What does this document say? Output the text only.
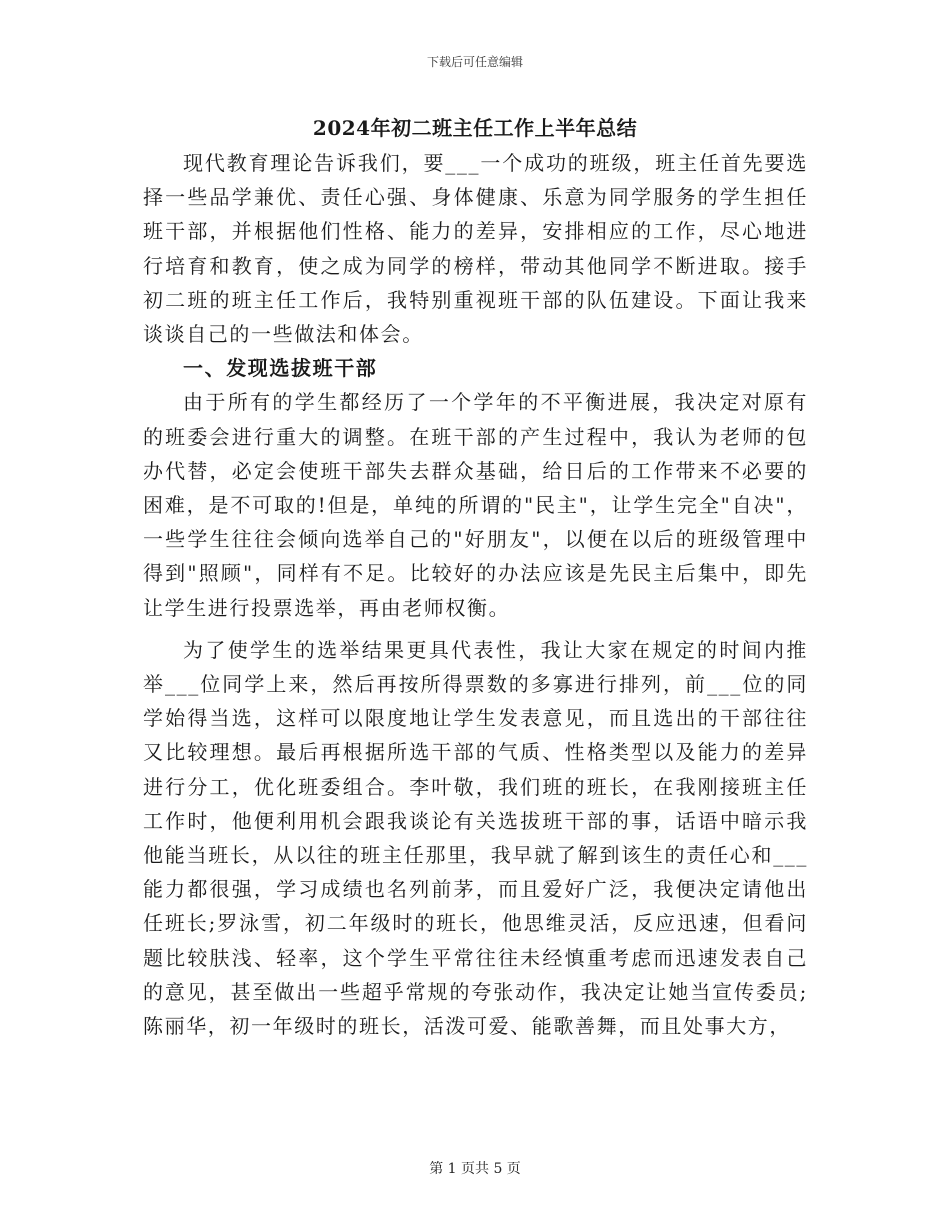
下载后可任意编辑
2024年初二班主任工作上半年总结

现代教育理论告诉我们，要___一个成功的班级，班主任首先要选择一些品学兼优、责任心强、身体健康、乐意为同学服务的学生担任班干部，并根据他们性格、能力的差异，安排相应的工作，尽心地进行培育和教育，使之成为同学的榜样，带动其他同学不断进取。接手初二班的班主任工作后，我特别重视班干部的队伍建设。下面让我来谈谈自己的一些做法和体会。

一、发现选拔班干部

由于所有的学生都经历了一个学年的不平衡进展，我决定对原有的班委会进行重大的调整。在班干部的产生过程中，我认为老师的包办代替，必定会使班干部失去群众基础，给日后的工作带来不必要的困难，是不可取的!但是，单纯的所谓的"民主"，让学生完全"自决"，一些学生往往会倾向选举自己的"好朋友"，以便在以后的班级管理中得到"照顾"，同样有不足。比较好的办法应该是先民主后集中，即先让学生进行投票选举，再由老师权衡。

为了使学生的选举结果更具代表性，我让大家在规定的时间内推举___位同学上来，然后再按所得票数的多寡进行排列，前___位的同学始得当选，这样可以限度地让学生发表意见，而且选出的干部往往又比较理想。最后再根据所选干部的气质、性格类型以及能力的差异进行分工，优化班委组合。李叶敬，我们班的班长，在我刚接班主任工作时，他便利用机会跟我谈论有关选拔班干部的事，话语中暗示我他能当班长，从以往的班主任那里，我早就了解到该生的责任心和___能力都很强，学习成绩也名列前茅，而且爱好广泛，我便决定请他出任班长;罗泳雪，初二年级时的班长，他思维灵活，反应迅速，但看问题比较肤浅、轻率，这个学生平常往往未经慎重考虑而迅速发表自己的意见，甚至做出一些超乎常规的夸张动作，我决定让她当宣传委员;陈丽华，初一年级时的班长，活泼可爱、能歌善舞，而且处事大方，

第 1 页共 5 页
